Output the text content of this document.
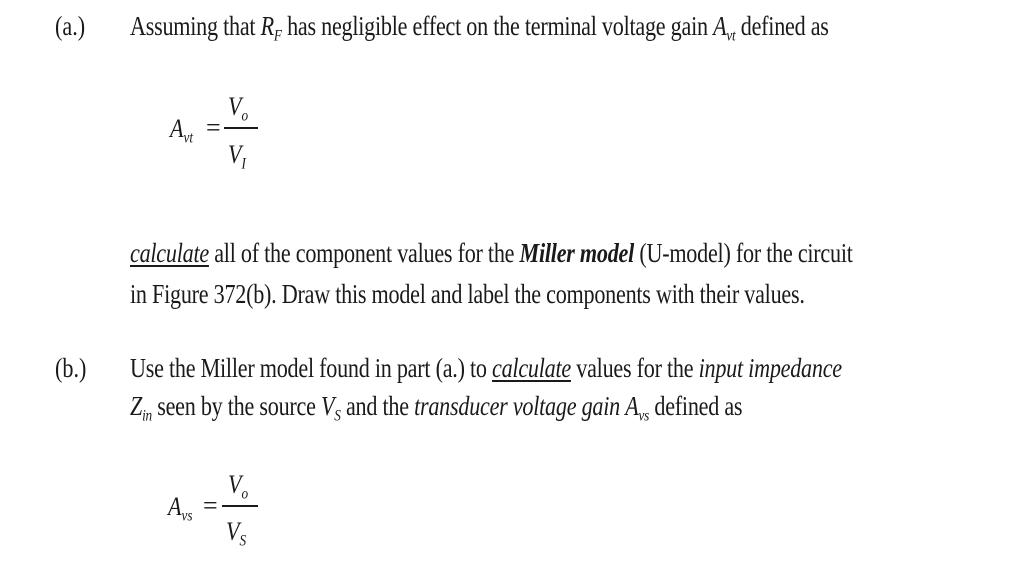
(a.) Assuming that $R_F$ has negligible effect on the terminal voltage gain $A_{vt}$ defined as
$A_{vt}$ =
$V_o$
$V_I$
calculate all of the component values for the Miller model (U-model) for the circuit
in Figure 372(b). Draw this model and label the components with their values.
(b.) Use the Miller model found in part (a.) to calculate values for the input impedance
$Z_{in}$ seen by the source $V_S$ and the transducer voltage gain $A_{vs}$ defined as
$A_{vs}$ =
$V_o$
$V_S$
